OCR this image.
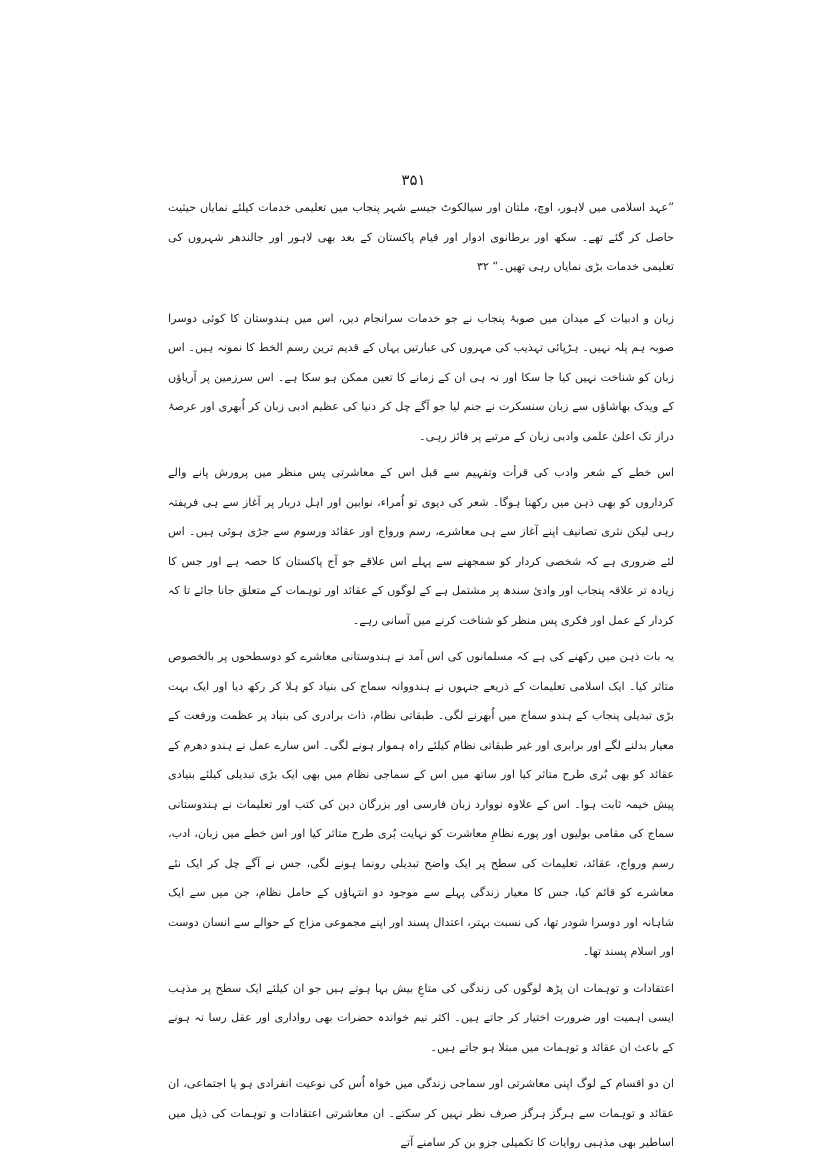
۳۵۱

”عہد اسلامی میں لاہور، اوچ، ملتان اور سیالکوٹ جیسے شہر پنجاب میں تعلیمی خدمات کیلئے نمایاں حیثیت حاصل کر گئے تھے۔ سکھ اور برطانوی ادوار اور قیام پاکستان کے بعد بھی لاہور اور جالندھر شہروں کی تعلیمی خدمات بڑی نمایاں رہی تھیں۔“ ۳۲

زبان و ادبیات کے میدان میں صوبۂ پنجاب نے جو خدمات سرانجام دیں، اس میں ہندوستان کا کوئی دوسرا صوبہ ہم پلہ نہیں۔ ہڑپائی تہذیب کی مہروں کی عبارتیں یہاں کے قدیم ترین رسم الخط کا نمونہ ہیں۔ اس زبان کو شناخت نہیں کیا جا سکا اور نہ ہی ان کے زمانے کا تعین ممکن ہو سکا ہے۔ اس سرزمین پر آریاؤں کے ویدک بھاشاؤں سے زبان سنسکرت نے جنم لیا جو آگے چل کر دنیا کی عظیم ادبی زبان کر اُبھری اور عرصۂ دراز تک اعلیٰ علمی وادبی زبان کے مرتبے پر فائز رہی۔

اس خطے کے شعر وادب کی قرأت وتفہیم سے قبل اس کے معاشرتی پس منظر میں پرورش پانے والے کرداروں کو بھی ذہن میں رکھنا ہوگا۔ شعر کی دیوی تو اُمراء، نوابین اور اہل دربار پر آغاز سے ہی فریفتہ رہی لیکن نثری تصانیف اپنے آغاز سے ہی معاشرے، رسم ورواج اور عقائد ورسوم سے جڑی ہوئی ہیں۔ اس لئے ضروری ہے کہ شخصی کردار کو سمجھنے سے پہلے اس علاقے جو آج پاکستان کا حصہ ہے اور جس کا زیادہ تر علاقہ پنجاب اور وادیٔ سندھ پر مشتمل ہے کے لوگوں کے عقائد اور توہمات کے متعلق جانا جائے تا کہ کردار کے عمل اور فکری پس منظر کو شناخت کرنے میں آسانی رہے۔

یہ بات ذہن میں رکھنے کی ہے کہ مسلمانوں کی اس آمد نے ہندوستانی معاشرے کو دوسطحوں پر بالخصوص متاثر کیا۔ ایک اسلامی تعلیمات کے ذریعے جنہوں نے ہندووانہ سماج کی بنیاد کو ہلا کر رکھ دیا اور ایک بہت بڑی تبدیلی پنجاب کے ہندو سماج میں اُبھرنے لگی۔ طبقاتی نظام، ذات برادری کی بنیاد پر عظمت ورفعت کے معیار بدلنے لگے اور برابری اور غیر طبقاتی نظام کیلئے راہ ہموار ہونے لگی۔ اس سارے عمل نے ہندو دھرم کے عقائد کو بھی بُری طرح متاثر کیا اور ساتھ میں اس کے سماجی نظام میں بھی ایک بڑی تبدیلی کیلئے بنیادی پیش خیمہ ثابت ہوا۔ اس کے علاوہ نووارد زبان فارسی اور بزرگان دین کی کتب اور تعلیمات نے ہندوستانی سماج کی مقامی بولیوں اور پورے نظامِ معاشرت کو نہایت بُری طرح متاثر کیا اور اس خطے میں زبان، ادب، رسم ورواج، عقائد، تعلیمات کی سطح پر ایک واضح تبدیلی رونما ہونے لگی، جس نے آگے چل کر ایک نئے معاشرے کو قائم کیا، جس کا معیار زندگی پہلے سے موجود دو انتہاؤں کے حامل نظام، جن میں سے ایک شاہانہ اور دوسرا شودر تھا، کی نسبت بہتر، اعتدال پسند اور اپنے مجموعی مزاج کے حوالے سے انسان دوست اور اسلام پسند تھا۔

اعتقادات و توہمات ان پڑھ لوگوں کی زندگی کی متاعِ بیش بہا ہوتے ہیں جو ان کیلئے ایک سطح پر مذہب ایسی اہمیت اور ضرورت اختیار کر جاتے ہیں۔ اکثر نیم خواندہ حضرات بھی رواداری اور عقل رسا نہ ہونے کے باعث ان عقائد و توہمات میں مبتلا ہو جاتے ہیں۔

ان دو اقسام کے لوگ اپنی معاشرتی اور سماجی زندگی میں خواہ اُس کی نوعیت انفرادی ہو یا اجتماعی، ان عقائد و توہمات سے ہرگز ہرگز صرف نظر نہیں کر سکتے۔ ان معاشرتی اعتقادات و توہمات کی ذیل میں اساطیر بھی مذہبی روایات کا تکمیلی جزو بن کر سامنے آتے
